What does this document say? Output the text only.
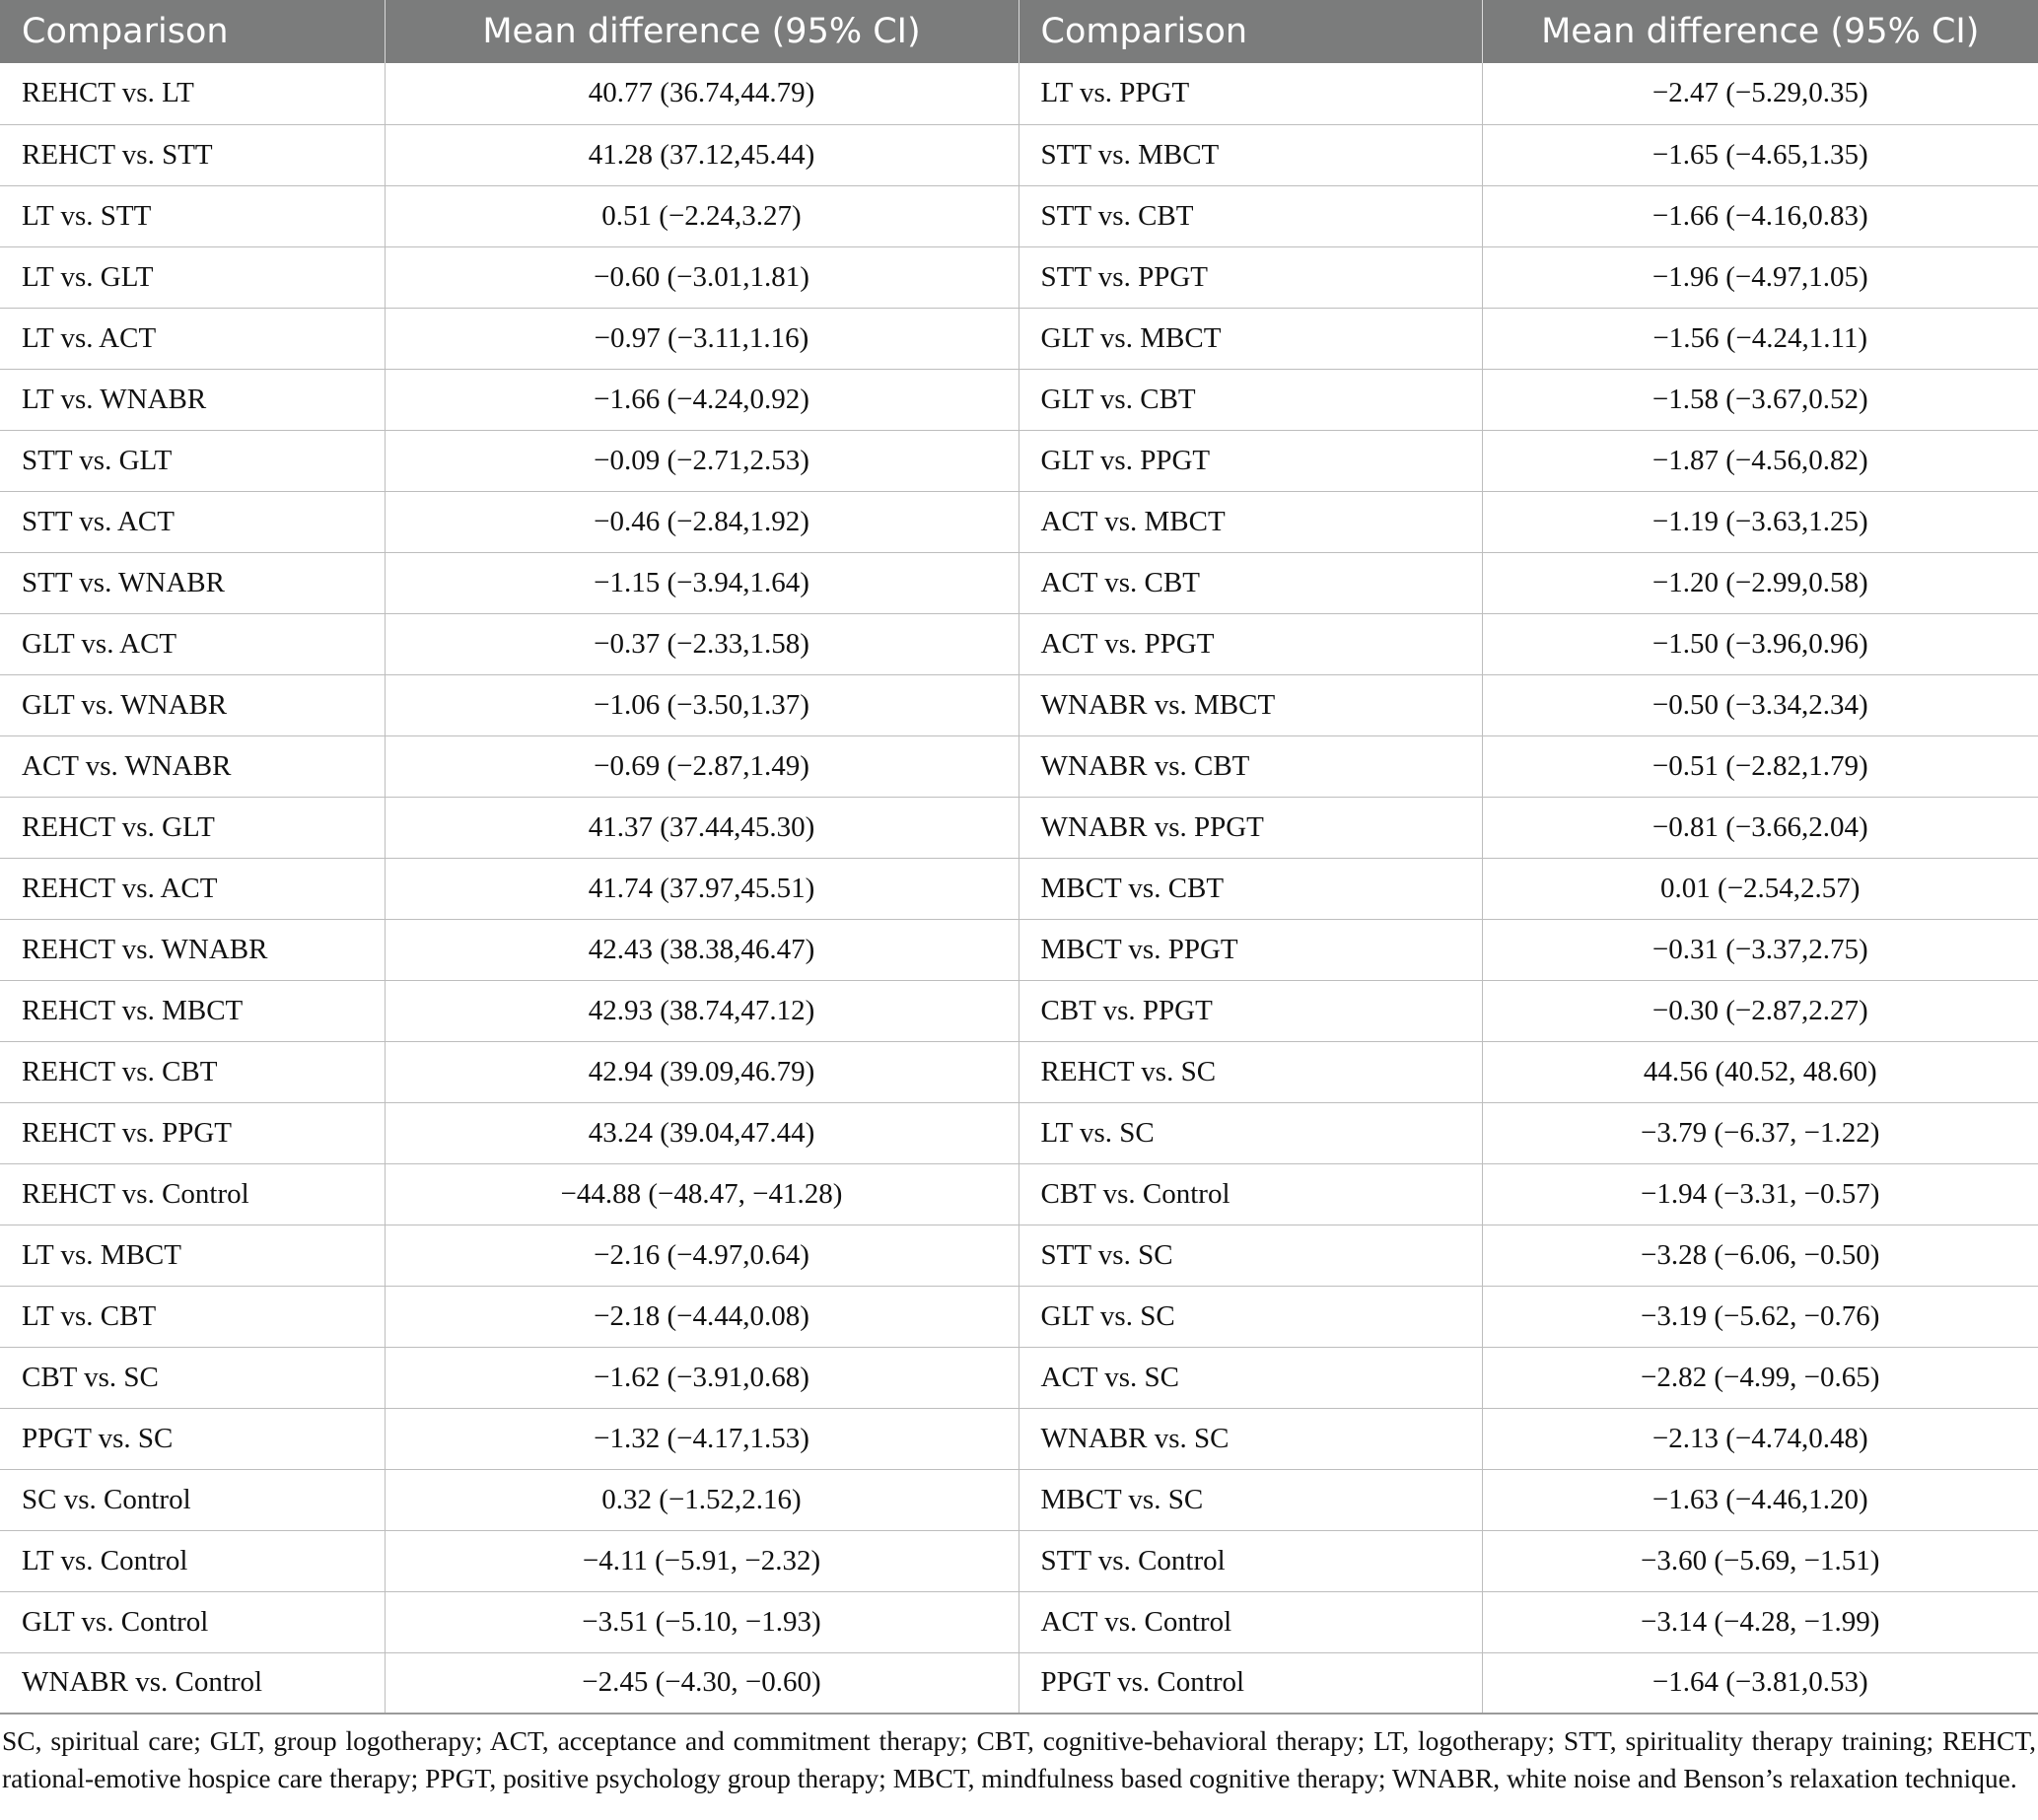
Comparison	Mean difference (95% CI)	Comparison	Mean difference (95% CI)
REHCT vs. LT	40.77 (36.74,44.79)	LT vs. PPGT	−2.47 (−5.29,0.35)
REHCT vs. STT	41.28 (37.12,45.44)	STT vs. MBCT	−1.65 (−4.65,1.35)
LT vs. STT	0.51 (−2.24,3.27)	STT vs. CBT	−1.66 (−4.16,0.83)
LT vs. GLT	−0.60 (−3.01,1.81)	STT vs. PPGT	−1.96 (−4.97,1.05)
LT vs. ACT	−0.97 (−3.11,1.16)	GLT vs. MBCT	−1.56 (−4.24,1.11)
LT vs. WNABR	−1.66 (−4.24,0.92)	GLT vs. CBT	−1.58 (−3.67,0.52)
STT vs. GLT	−0.09 (−2.71,2.53)	GLT vs. PPGT	−1.87 (−4.56,0.82)
STT vs. ACT	−0.46 (−2.84,1.92)	ACT vs. MBCT	−1.19 (−3.63,1.25)
STT vs. WNABR	−1.15 (−3.94,1.64)	ACT vs. CBT	−1.20 (−2.99,0.58)
GLT vs. ACT	−0.37 (−2.33,1.58)	ACT vs. PPGT	−1.50 (−3.96,0.96)
GLT vs. WNABR	−1.06 (−3.50,1.37)	WNABR vs. MBCT	−0.50 (−3.34,2.34)
ACT vs. WNABR	−0.69 (−2.87,1.49)	WNABR vs. CBT	−0.51 (−2.82,1.79)
REHCT vs. GLT	41.37 (37.44,45.30)	WNABR vs. PPGT	−0.81 (−3.66,2.04)
REHCT vs. ACT	41.74 (37.97,45.51)	MBCT vs. CBT	0.01 (−2.54,2.57)
REHCT vs. WNABR	42.43 (38.38,46.47)	MBCT vs. PPGT	−0.31 (−3.37,2.75)
REHCT vs. MBCT	42.93 (38.74,47.12)	CBT vs. PPGT	−0.30 (−2.87,2.27)
REHCT vs. CBT	42.94 (39.09,46.79)	REHCT vs. SC	44.56 (40.52, 48.60)
REHCT vs. PPGT	43.24 (39.04,47.44)	LT vs. SC	−3.79 (−6.37, −1.22)
REHCT vs. Control	−44.88 (−48.47, −41.28)	CBT vs. Control	−1.94 (−3.31, −0.57)
LT vs. MBCT	−2.16 (−4.97,0.64)	STT vs. SC	−3.28 (−6.06, −0.50)
LT vs. CBT	−2.18 (−4.44,0.08)	GLT vs. SC	−3.19 (−5.62, −0.76)
CBT vs. SC	−1.62 (−3.91,0.68)	ACT vs. SC	−2.82 (−4.99, −0.65)
PPGT vs. SC	−1.32 (−4.17,1.53)	WNABR vs. SC	−2.13 (−4.74,0.48)
SC vs. Control	0.32 (−1.52,2.16)	MBCT vs. SC	−1.63 (−4.46,1.20)
LT vs. Control	−4.11 (−5.91, −2.32)	STT vs. Control	−3.60 (−5.69, −1.51)
GLT vs. Control	−3.51 (−5.10, −1.93)	ACT vs. Control	−3.14 (−4.28, −1.99)
WNABR vs. Control	−2.45 (−4.30, −0.60)	PPGT vs. Control	−1.64 (−3.81,0.53)
SC, spiritual care; GLT, group logotherapy; ACT, acceptance and commitment therapy; CBT, cognitive-behavioral therapy; LT, logotherapy; STT, spirituality therapy training; REHCT, rational-emotive hospice care therapy; PPGT, positive psychology group therapy; MBCT, mindfulness based cognitive therapy; WNABR, white noise and Benson’s relaxation technique.
